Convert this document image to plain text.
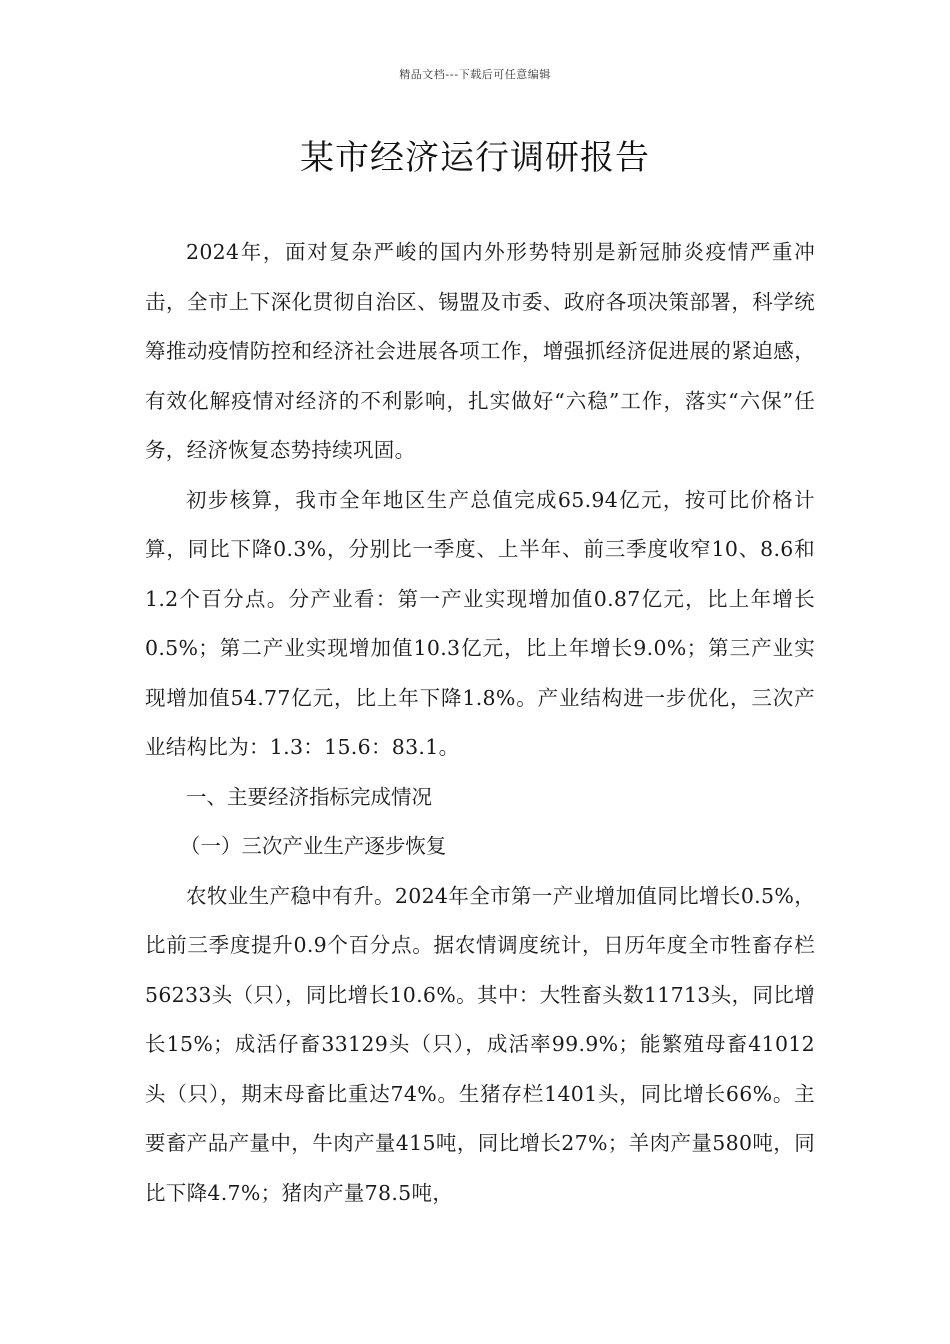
精品文档---下载后可任意编辑
某市经济运行调研报告

2024年，面对复杂严峻的国内外形势特别是新冠肺炎疫情严重冲击，全市上下深化贯彻自治区、锡盟及市委、政府各项决策部署，科学统筹推动疫情防控和经济社会进展各项工作，增强抓经济促进展的紧迫感，有效化解疫情对经济的不利影响，扎实做好“六稳”工作，落实“六保”任务，经济恢复态势持续巩固。

初步核算，我市全年地区生产总值完成65.94亿元，按可比价格计算，同比下降0.3%，分别比一季度、上半年、前三季度收窄10、8.6和1.2个百分点。分产业看：第一产业实现增加值0.87亿元，比上年增长0.5%；第二产业实现增加值10.3亿元，比上年增长9.0%；第三产业实现增加值54.77亿元，比上年下降1.8%。产业结构进一步优化，三次产业结构比为：1.3：15.6：83.1。

一、主要经济指标完成情况

（一）三次产业生产逐步恢复

农牧业生产稳中有升。2024年全市第一产业增加值同比增长0.5%，比前三季度提升0.9个百分点。据农情调度统计，日历年度全市牲畜存栏56233头（只），同比增长10.6%。其中：大牲畜头数11713头，同比增长15%；成活仔畜33129头（只），成活率99.9%；能繁殖母畜41012头（只），期末母畜比重达74%。生猪存栏1401头，同比增长66%。主要畜产品产量中，牛肉产量415吨，同比增长27%；羊肉产量580吨，同比下降4.7%；猪肉产量78.5吨，
